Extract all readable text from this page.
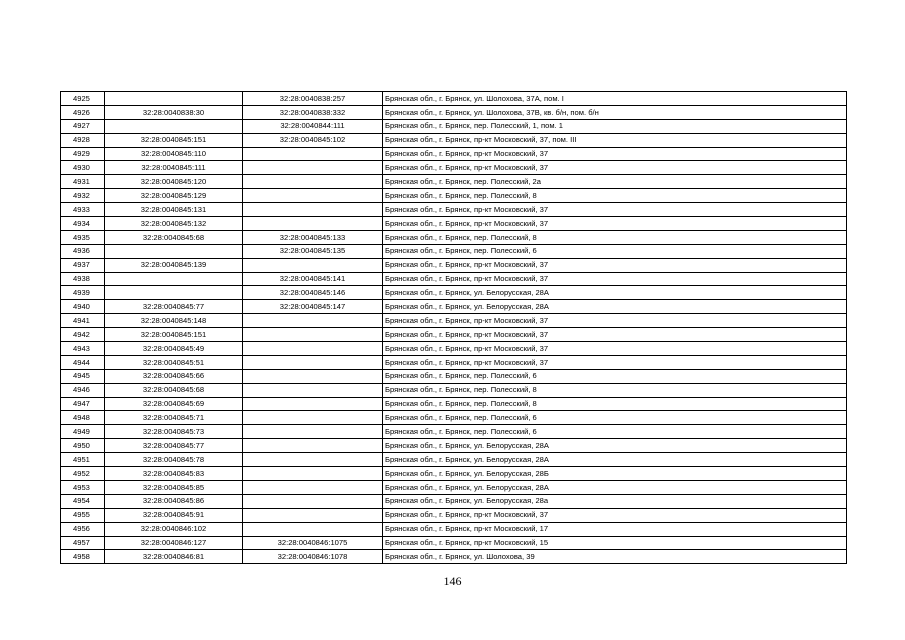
4925		32:28:0040838:257	Брянская обл., г. Брянск, ул. Шолохова, 37А, пом. I
4926	32:28:0040838:30	32:28:0040838:332	Брянская обл., г. Брянск, ул. Шолохова, 37В, кв. б/н, пом. б/н
4927		32:28:0040844:111	Брянская обл., г. Брянск, пер. Полесский, 1, пом. 1
4928	32:28:0040845:151	32:28:0040845:102	Брянская обл., г. Брянск, пр-кт Московский, 37, пом. III
4929	32:28:0040845:110		Брянская обл., г. Брянск, пр-кт Московский, 37
4930	32:28:0040845:111		Брянская обл., г. Брянск, пр-кт Московский, 37
4931	32:28:0040845:120		Брянская обл., г. Брянск, пер. Полесский, 2а
4932	32:28:0040845:129		Брянская обл., г. Брянск, пер. Полесский, 8
4933	32:28:0040845:131		Брянская обл., г. Брянск, пр-кт Московский, 37
4934	32:28:0040845:132		Брянская обл., г. Брянск, пр-кт Московский, 37
4935	32:28:0040845:68	32:28:0040845:133	Брянская обл., г. Брянск, пер. Полесский, 8
4936		32:28:0040845:135	Брянская обл., г. Брянск, пер. Полесский, 6
4937	32:28:0040845:139		Брянская обл., г. Брянск, пр-кт Московский, 37
4938		32:28:0040845:141	Брянская обл., г. Брянск, пр-кт Московский, 37
4939		32:28:0040845:146	Брянская обл., г. Брянск, ул. Белорусская, 28А
4940	32:28:0040845:77	32:28:0040845:147	Брянская обл., г. Брянск, ул. Белорусская, 28А
4941	32:28:0040845:148		Брянская обл., г. Брянск, пр-кт Московский, 37
4942	32:28:0040845:151		Брянская обл., г. Брянск, пр-кт Московский, 37
4943	32:28:0040845:49		Брянская обл., г. Брянск, пр-кт Московский, 37
4944	32:28:0040845:51		Брянская обл., г. Брянск, пр-кт Московский, 37
4945	32:28:0040845:66		Брянская обл., г. Брянск, пер. Полесский, 6
4946	32:28:0040845:68		Брянская обл., г. Брянск, пер. Полесский, 8
4947	32:28:0040845:69		Брянская обл., г. Брянск, пер. Полесский, 8
4948	32:28:0040845:71		Брянская обл., г. Брянск, пер. Полесский, 6
4949	32:28:0040845:73		Брянская обл., г. Брянск, пер. Полесский, 6
4950	32:28:0040845:77		Брянская обл., г. Брянск, ул. Белорусская, 28А
4951	32:28:0040845:78		Брянская обл., г. Брянск, ул. Белорусская, 28А
4952	32:28:0040845:83		Брянская обл., г. Брянск, ул. Белорусская, 28Б
4953	32:28:0040845:85		Брянская обл., г. Брянск, ул. Белорусская, 28А
4954	32:28:0040845:86		Брянская обл., г. Брянск, ул. Белорусская, 28а
4955	32:28:0040845:91		Брянская обл., г. Брянск, пр-кт Московский, 37
4956	32:28:0040846:102		Брянская обл., г. Брянск, пр-кт Московский, 17
4957	32:28:0040846:127	32:28:0040846:1075	Брянская обл., г. Брянск, пр-кт Московский, 15
4958	32:28:0040846:81	32:28:0040846:1078	Брянская обл., г. Брянск, ул. Шолохова, 39
146
